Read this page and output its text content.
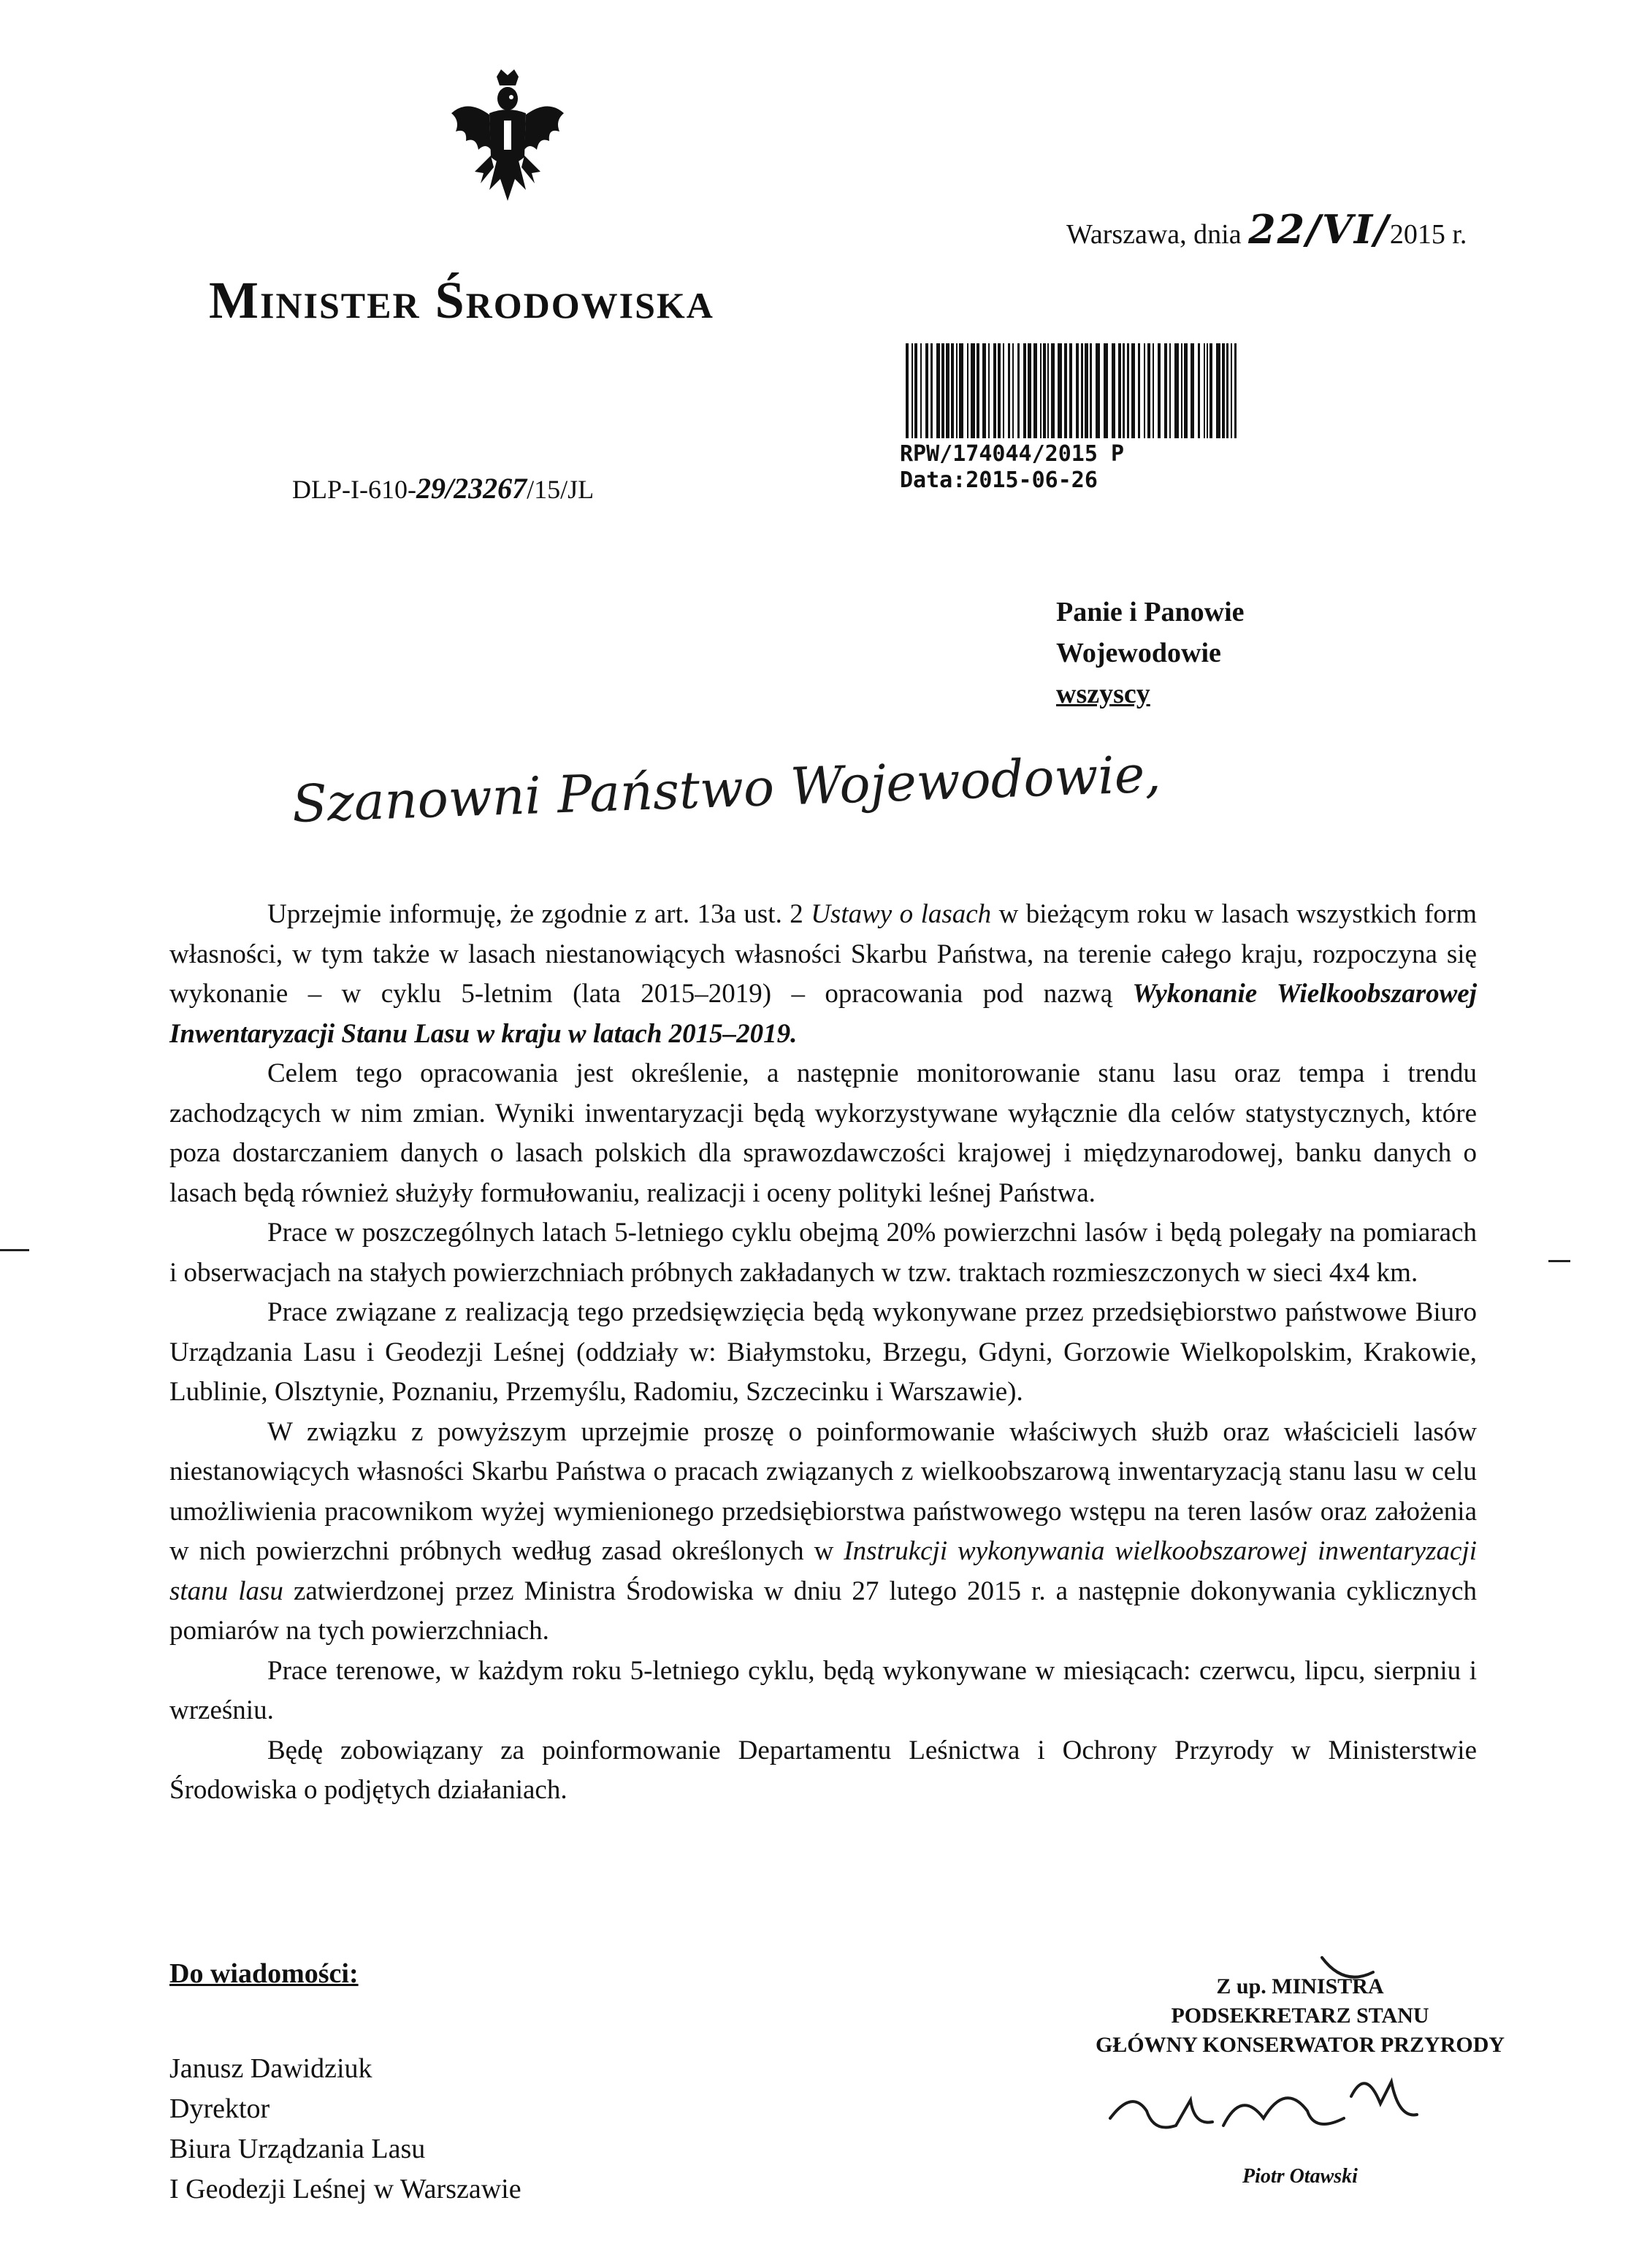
Minister Środowiska
Warszawa, dnia 22/VI/2015 r.
RPW/174044/2015 P
Data:2015-06-26
DLP-I-610-29/23267/15/JL
Panie i Panowie
Wojewodowie
wszyscy
Szanowni Państwo Wojewodowie,

Uprzejmie informuję, że zgodnie z art. 13a ust. 2 Ustawy o lasach w bieżącym roku w lasach wszystkich form własności, w tym także w lasach niestanowiących własności Skarbu Państwa, na terenie całego kraju, rozpoczyna się wykonanie – w cyklu 5-letnim (lata 2015–2019) – opracowania pod nazwą Wykonanie Wielkoobszarowej Inwentaryzacji Stanu Lasu w kraju w latach 2015–2019.

Celem tego opracowania jest określenie, a następnie monitorowanie stanu lasu oraz tempa i trendu zachodzących w nim zmian. Wyniki inwentaryzacji będą wykorzystywane wyłącznie dla celów statystycznych, które poza dostarczaniem danych o lasach polskich dla sprawozdawczości krajowej i międzynarodowej, banku danych o lasach będą również służyły formułowaniu, realizacji i oceny polityki leśnej Państwa.

Prace w poszczególnych latach 5-letniego cyklu obejmą 20% powierzchni lasów i będą polegały na pomiarach i obserwacjach na stałych powierzchniach próbnych zakładanych w tzw. traktach rozmieszczonych w sieci 4x4 km.

Prace związane z realizacją tego przedsięwzięcia będą wykonywane przez przedsiębiorstwo państwowe Biuro Urządzania Lasu i Geodezji Leśnej (oddziały w: Białymstoku, Brzegu, Gdyni, Gorzowie Wielkopolskim, Krakowie, Lublinie, Olsztynie, Poznaniu, Przemyślu, Radomiu, Szczecinku i Warszawie).

W związku z powyższym uprzejmie proszę o poinformowanie właściwych służb oraz właścicieli lasów niestanowiących własności Skarbu Państwa o pracach związanych z wielkoobszarową inwentaryzacją stanu lasu w celu umożliwienia pracownikom wyżej wymienionego przedsiębiorstwa państwowego wstępu na teren lasów oraz założenia w nich powierzchni próbnych według zasad określonych w Instrukcji wykonywania wielkoobszarowej inwentaryzacji stanu lasu zatwierdzonej przez Ministra Środowiska w dniu 27 lutego 2015 r. a następnie dokonywania cyklicznych pomiarów na tych powierzchniach.

Prace terenowe, w każdym roku 5-letniego cyklu, będą wykonywane w miesiącach: czerwcu, lipcu, sierpniu i wrześniu.

Będę zobowiązany za poinformowanie Departamentu Leśnictwa i Ochrony Przyrody w Ministerstwie Środowiska o podjętych działaniach.

Do wiadomości:
Janusz Dawidziuk
Dyrektor
Biura Urządzania Lasu
I Geodezji Leśnej w Warszawie
Z up. MINISTRA
PODSEKRETARZ STANU
GŁÓWNY KONSERWATOR PRZYRODY
Piotr Otawski
